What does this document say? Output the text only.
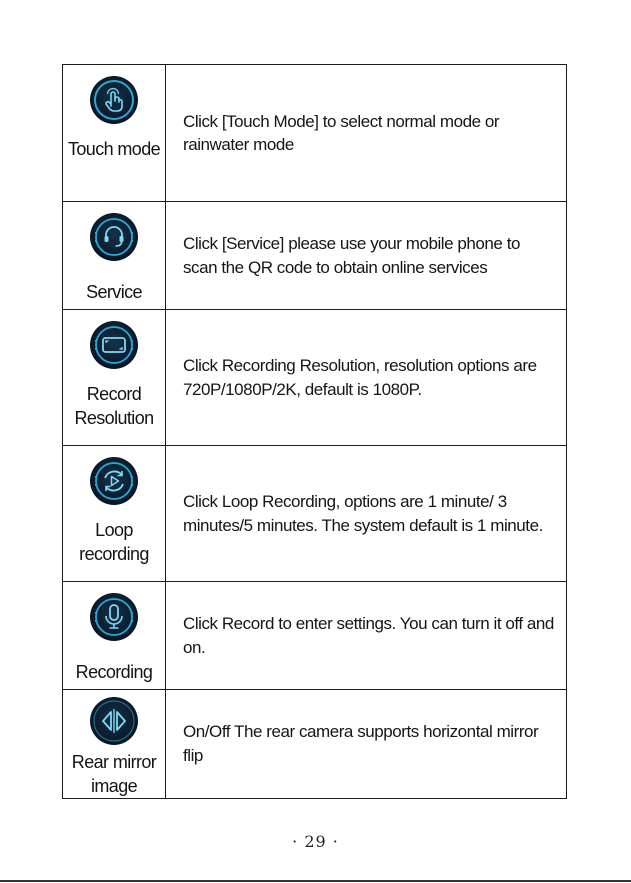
Touch mode	Click [Touch Mode] to select normal mode or rainwater mode

Service	Click [Service] please use your mobile phone to scan the QR code to obtain online services

Record Resolution	Click Recording Resolution, resolution options are 720P/1080P/2K, default is 1080P.

Loop recording	Click Loop Recording, options are 1 minute/ 3 minutes/5 minutes. The system default is 1 minute.

Recording	Click Record to enter settings. You can turn it off and on.

Rear mirror image	On/Off The rear camera supports horizontal mirror flip
· 29 ·
